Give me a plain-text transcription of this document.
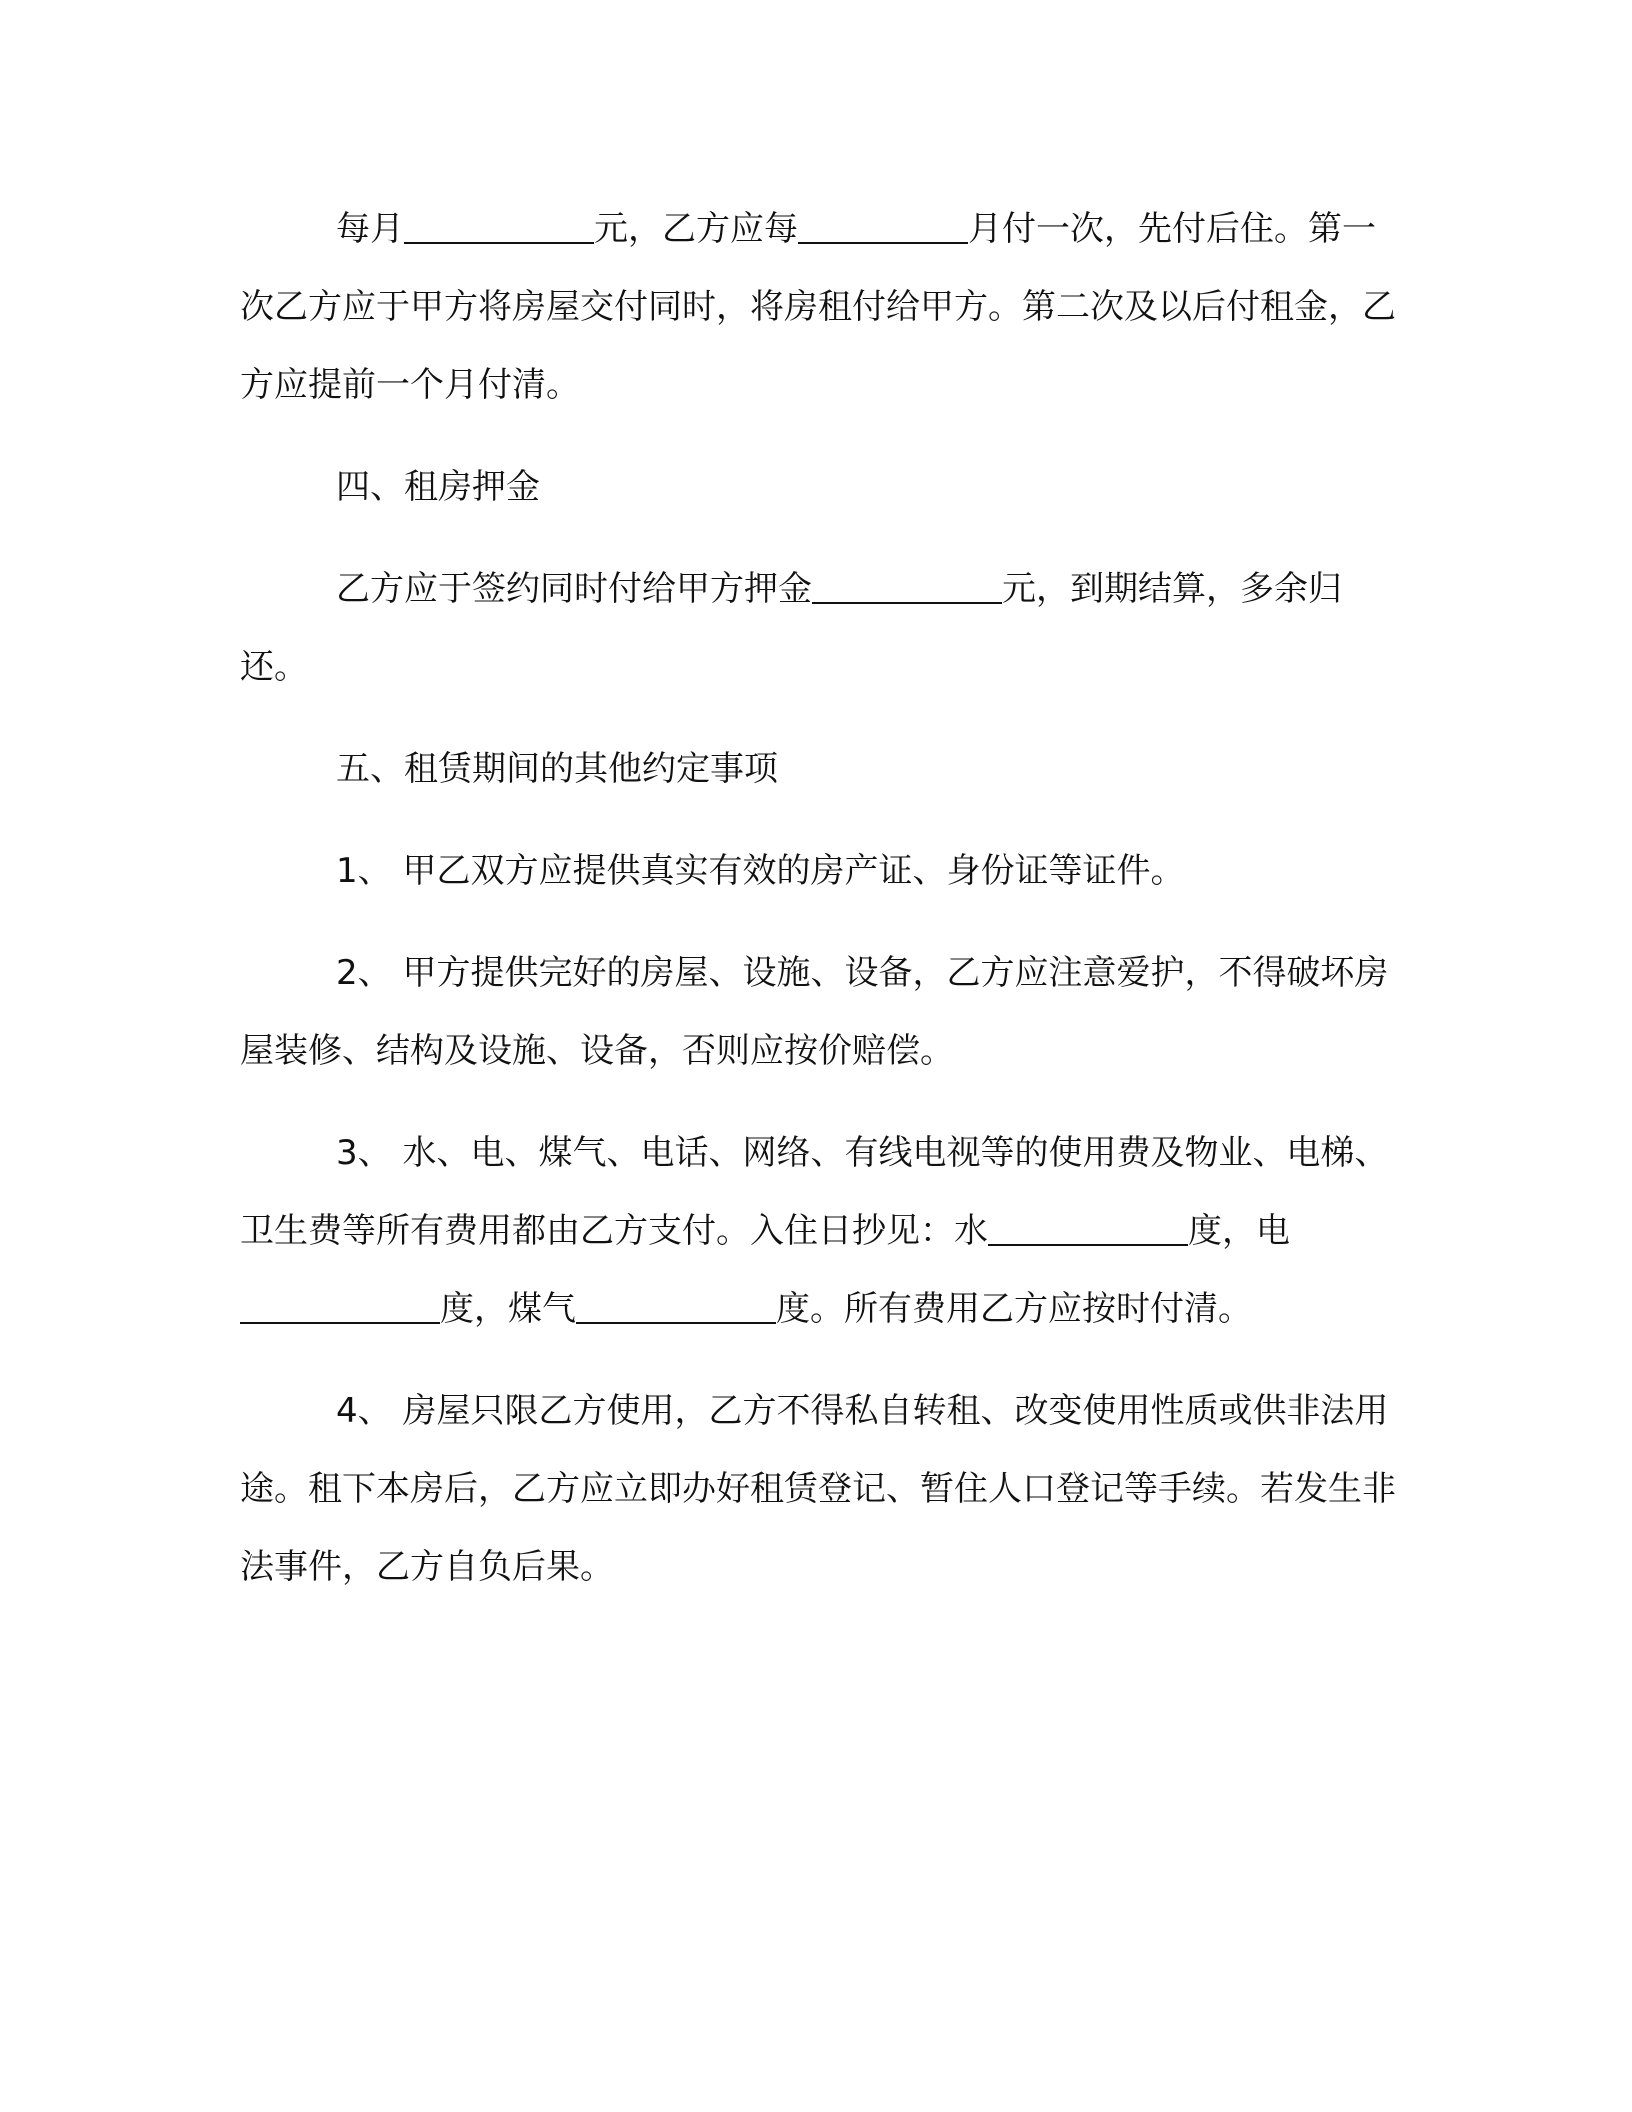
每月	元，乙方应每	月付一次，先付后住。第一次乙方应于甲方将房屋交付同时，将房租付给甲方。第二次及以后付租金，乙方应提前一个月付清。

四、租房押金

乙方应于签约同时付给甲方押金	元，到期结算，多余归还。

五、租赁期间的其他约定事项

1、 甲乙双方应提供真实有效的房产证、身份证等证件。

2、 甲方提供完好的房屋、设施、设备，乙方应注意爱护，不得破坏房屋装修、结构及设施、设备，否则应按价赔偿。

3、 水、电、煤气、电话、网络、有线电视等的使用费及物业、电梯、卫生费等所有费用都由乙方支付。入住日抄见：水	度，电度，煤气	度。所有费用乙方应按时付清。

4、 房屋只限乙方使用，乙方不得私自转租、改变使用性质或供非法用途。租下本房后，乙方应立即办好租赁登记、暂住人口登记等手续。若发生非法事件，乙方自负后果。
